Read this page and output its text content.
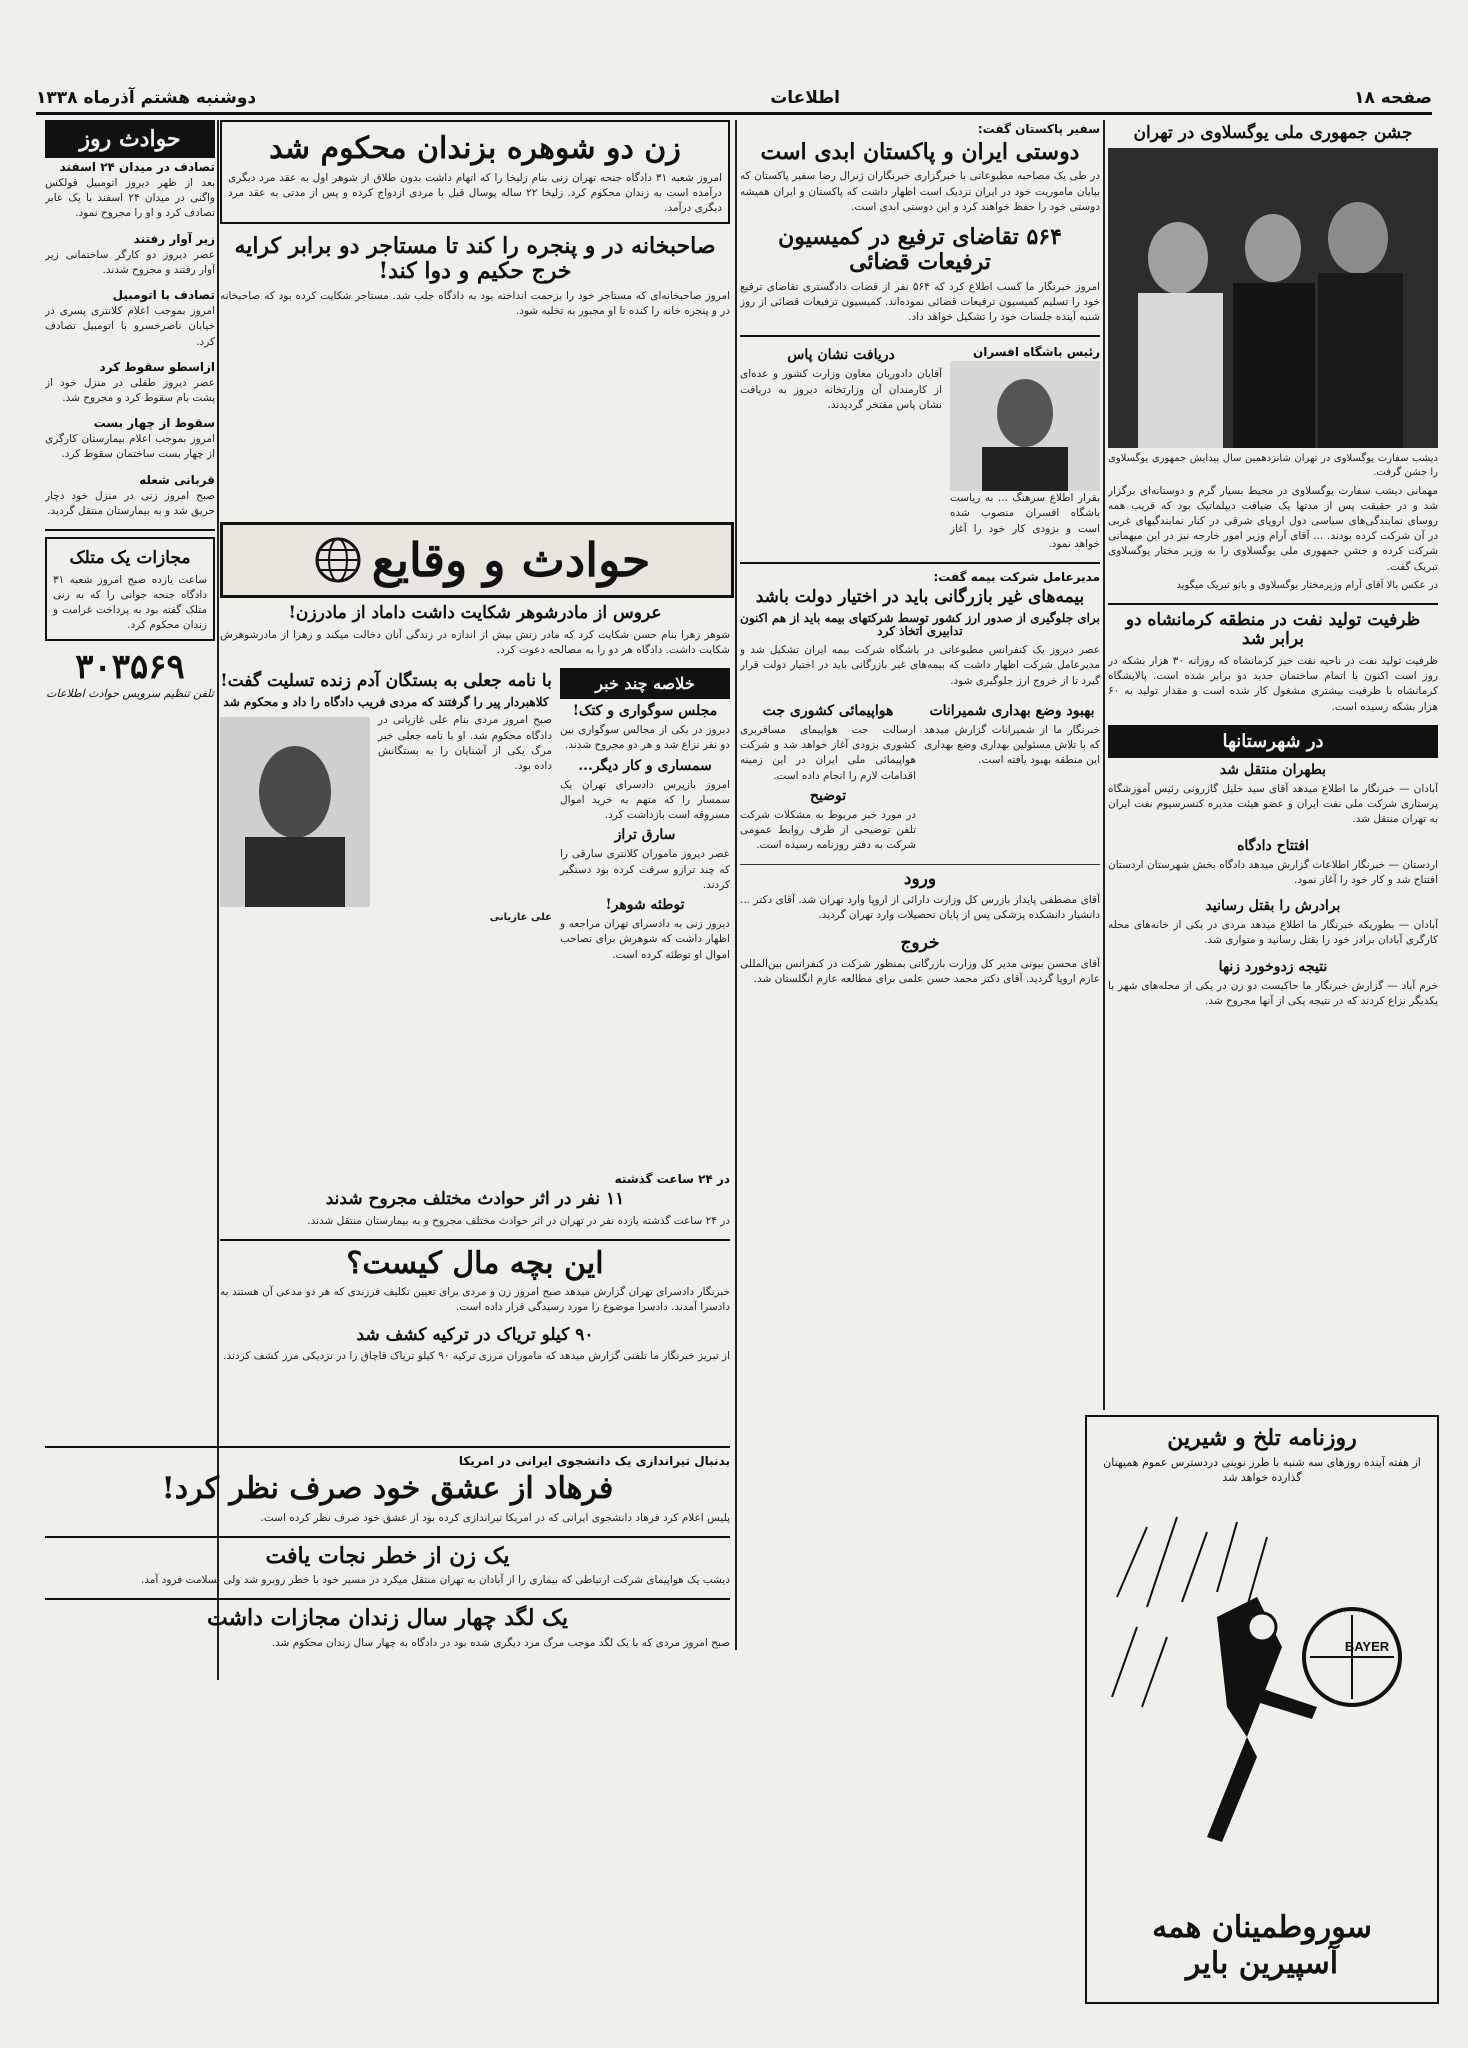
صفحه ۱۸
اطلاعات
دوشنبه هشتم آذرماه ۱۳۳۸
جشن جمهوری ملی یوگسلاوی در تهران
دیشب سفارت یوگسلاوی در تهران شانزدهمین سال پیدایش جمهوری یوگسلاوی را جشن گرفت.
مهمانی دیشب سفارت یوگسلاوی در محیط بسیار گرم و دوستانه‌ای برگزار شد و در حقیقت پس از مدتها یک ضیافت دیپلماتیک بود که قریب همه روسای نمایندگی‌های سیاسی دول اروپای شرقی در کنار نمایندگیهای غربی در آن شرکت کرده بودند. ... آقای آرام وزیر امور خارجه نیز در این میهمانی شرکت کرده و جشن جمهوری ملی یوگسلاوی را به وزیر مختار یوگسلاوی تبریک گفت.
در عکس بالا آقای آرام وزیرمختار یوگسلاوی و بانو تبریک میگوید
ظرفیت تولید نفت در منطقه کرمانشاه دو برابر شد
ظرفیت تولید نفت در ناحیه نفت خیز کرمانشاه که روزانه ۳۰ هزار بشکه در روز است اکنون با اتمام ساختمان جدید دو برابر شده است. پالایشگاه کرمانشاه با ظرفیت بیشتری مشغول کار شده است و مقدار تولید به ۶۰ هزار بشکه رسیده است.
در شهرستانها
بطهران منتقل شد
آبادان — خبرنگار ما اطلاع میدهد آقای سید خلیل گازرونی رئیس آموزشگاه پرستاری شرکت ملی نفت ایران و عضو هیئت مدیره کنسرسیوم نفت ایران به تهران منتقل شد.
افتتاح دادگاه
اردستان — خبرنگار اطلاعات گزارش میدهد دادگاه بخش شهرستان اردستان افتتاح شد و کار خود را آغاز نمود.
برادرش را بقتل رسانید
آبادان — بطوریکه خبرنگار ما اطلاع میدهد مردی در یکی از خانه‌های محله کارگری آبادان برادر خود را بقتل رسانید و متواری شد.
نتیجه زدوخورد زنها
خرم آباد — گزارش خبرنگار ما حاکیست دو زن در یکی از محله‌های شهر با یکدیگر نزاع کردند که در نتیجه یکی از آنها مجروح شد.
سفیر پاکستان گفت:
دوستی ایران و پاکستان ابدی است
در طی یک مصاحبه مطبوعاتی با خبرگزاری خبرنگاران ژنرال رضا سفیر پاکستان که بپایان ماموریت خود در ایران نزدیک است اظهار داشت که پاکستان و ایران همیشه دوستی خود را حفظ خواهند کرد و این دوستی ابدی است.
۵۶۴ تقاضای ترفیع در کمیسیون ترفیعات قضائی
امروز خبرنگار ما کسب اطلاع کرد که ۵۶۴ نفر از قضات دادگستری تقاضای ترفیع خود را تسلیم کمیسیون ترفیعات قضائی نموده‌اند. کمیسیون ترفیعات قضائی از روز شنبه آینده جلسات خود را تشکیل خواهد داد.
رئیس باشگاه افسران
بقرار اطلاع سرهنگ ... به ریاست باشگاه افسران منصوب شده است و بزودی کار خود را آغاز خواهد نمود.
دریافت نشان پاس
آقایان دادوریان معاون وزارت کشور و عده‌ای از کارمندان آن وزارتخانه دیروز به دریافت نشان پاس مفتخر گردیدند.
مدیرعامل شرکت بیمه گفت:
بیمه‌های غیر بازرگانی باید در اختیار دولت باشد
برای جلوگیری از صدور ارز کشور توسط شرکتهای بیمه باید از هم اکنون تدابیری اتخاذ کرد
عصر دیروز یک کنفرانس مطبوعاتی در باشگاه شرکت بیمه ایران تشکیل شد و مدیرعامل شرکت اظهار داشت که بیمه‌های غیر بازرگانی باید در اختیار دولت قرار گیرد تا از خروج ارز جلوگیری شود.
بهبود وضع بهداری شمیرانات
خبرنگار ما از شمیرانات گزارش میدهد که با تلاش مسئولین بهداری وضع بهداری این منطقه بهبود یافته است.
هواپیمائی کشوری جت
ارسالت جت هواپیمای مسافربری کشوری بزودی آغاز خواهد شد و شرکت هواپیمائی ملی ایران در این زمینه اقدامات لازم را انجام داده است.
توضیح
در مورد خبر مربوط به مشکلات شرکت تلفن توضیحی از طرف روابط عمومی شرکت به دفتر روزنامه رسیده است.
ورود
آقای مصطفی پایدار بازرس کل وزارت دارائی از اروپا وارد تهران شد. آقای دکتر ... دانشیار دانشکده پزشکی پس از پایان تحصیلات وارد تهران گردید.
خروج
آقای محسن بیونی مدیر کل وزارت بازرگانی بمنظور شرکت در کنفرانس بین‌المللی عازم اروپا گردید. آقای دکتر محمد حسن علمی برای مطالعه عازم انگلستان شد.
زن دو شوهره بزندان محکوم شد
امروز شعبه ۳۱ دادگاه جنحه تهران زنی بنام زلیخا را که اتهام داشت بدون طلاق از شوهر اول به عقد مرد دیگری درآمده است به زندان محکوم کرد. زلیخا ۲۲ ساله پوسال قبل با مردی ازدواج کرده و پس از مدتی به عقد مرد دیگری درآمد.
صاحبخانه در و پنجره را کند تا مستاجر دو برابر کرایه خرج حکیم و دوا کند!
امروز صاحبخانه‌ای که مستاجر خود را بزحمت انداخته بود به دادگاه جلب شد. مستاجر شکایت کرده بود که صاحبخانه در و پنجره خانه را کنده تا او مجبور به تخلیه شود.
حوادث و وقایع
عروس از مادرشوهر شکایت داشت داماد از مادرزن!
شوهر زهرا بنام حسن شکایت کرد که مادر زنش بیش از اندازه در زندگی آنان دخالت میکند و زهرا از مادرشوهرش شکایت داشت. دادگاه هر دو را به مصالحه دعوت کرد.
خلاصه چند خبر
مجلس سوگواری و کتک!
دیروز در یکی از مجالس سوگواری بین دو نفر نزاع شد و هر دو مجروح شدند.
سمساری و کار دیگر...
امروز بازپرس دادسرای تهران یک سمسار را که متهم به خرید اموال مسروقه است بازداشت کرد.
سارق تراز
عصر دیروز ماموران کلانتری سارقی را که چند ترازو سرقت کرده بود دستگیر کردند.
توطئه شوهر!
دیروز زنی به دادسرای تهران مراجعه و اظهار داشت که شوهرش برای تصاحب اموال او توطئه کرده است.
با نامه جعلی به بستگان آدم زنده تسلیت گفت!
کلاهبردار پیر را گرفتند که مردی فریب دادگاه را داد و محکوم شد
صبح امروز مردی بنام علی غازیانی در دادگاه محکوم شد. او با نامه جعلی خبر مرگ یکی از آشنایان را به بستگانش داده بود.
علی غازیانی
در ۲۴ ساعت گذشته
۱۱ نفر در اثر حوادث مختلف مجروح شدند
در ۲۴ ساعت گذشته یازده نفر در تهران در اثر حوادث مختلف مجروح و به بیمارستان منتقل شدند.
این بچه مال کیست؟
خبرنگار دادسرای تهران گزارش میدهد صبح امروز زن و مردی برای تعیین تکلیف فرزندی که هر دو مدعی آن هستند به دادسرا آمدند. دادسرا موضوع را مورد رسیدگی قرار داده است.
۹۰ کیلو تریاک در ترکیه کشف شد
از تبریز خبرنگار ما تلفنی گزارش میدهد که ماموران مرزی ترکیه ۹۰ کیلو تریاک قاچاق را در نزدیکی مرز کشف کردند.
بدنبال تیراندازی یک دانشجوی ایرانی در امریکا
فرهاد از عشق خود صرف نظر کرد!
پلیس اعلام کرد فرهاد دانشجوی ایرانی که در امریکا تیراندازی کرده بود از عشق خود صرف نظر کرده است.
یک زن از خطر نجات یافت
دیشب یک هواپیمای شرکت ارتباطی که بیماری را از آبادان به تهران منتقل میکرد در مسیر خود با خطر روبرو شد ولی بسلامت فرود آمد.
یک لگد چهار سال زندان مجازات داشت
صبح امروز مردی که با یک لگد موجب مرگ مرد دیگری شده بود در دادگاه به چهار سال زندان محکوم شد.
حوادث روز
تصادف در میدان ۲۴ اسفند
بعد از ظهر دیروز اتومبیل فولکس واگنی در میدان ۲۴ اسفند با یک عابر تصادف کرد و او را مجروح نمود.
زیر آوار رفتند
عصر دیروز دو کارگر ساختمانی زیر آوار رفتند و مجروح شدند.
تصادف با اتومبیل
امروز بموجب اعلام کلانتری پسری در خیابان ناصرخسرو با اتومبیل تصادف کرد.
ازاسطو سقوط کرد
عصر دیروز طفلی در منزل خود از پشت بام سقوط کرد و مجروح شد.
سقوط از چهار بست
امروز بموجب اعلام بیمارستان کارگری از چهار بست ساختمان سقوط کرد.
قربانی شعله
صبح امروز زنی در منزل خود دچار حریق شد و به بیمارستان منتقل گردید.
مجازات یک متلک
ساعت یازده صبح امروز شعبه ۳۱ دادگاه جنحه جوانی را که به زنی متلک گفته بود به پرداخت غرامت و زندان محکوم کرد.
۳۰۳۵۶۹
تلفن تنظیم سرویس حوادث اطلاعات
روزنامه تلخ و شیرین
از هفته آینده روزهای سه شنبه با طرز نوینی دردسترس عموم همیهنان گذارده خواهد شد
BAYER
سوروطمینان همه آسپیرین بایر
